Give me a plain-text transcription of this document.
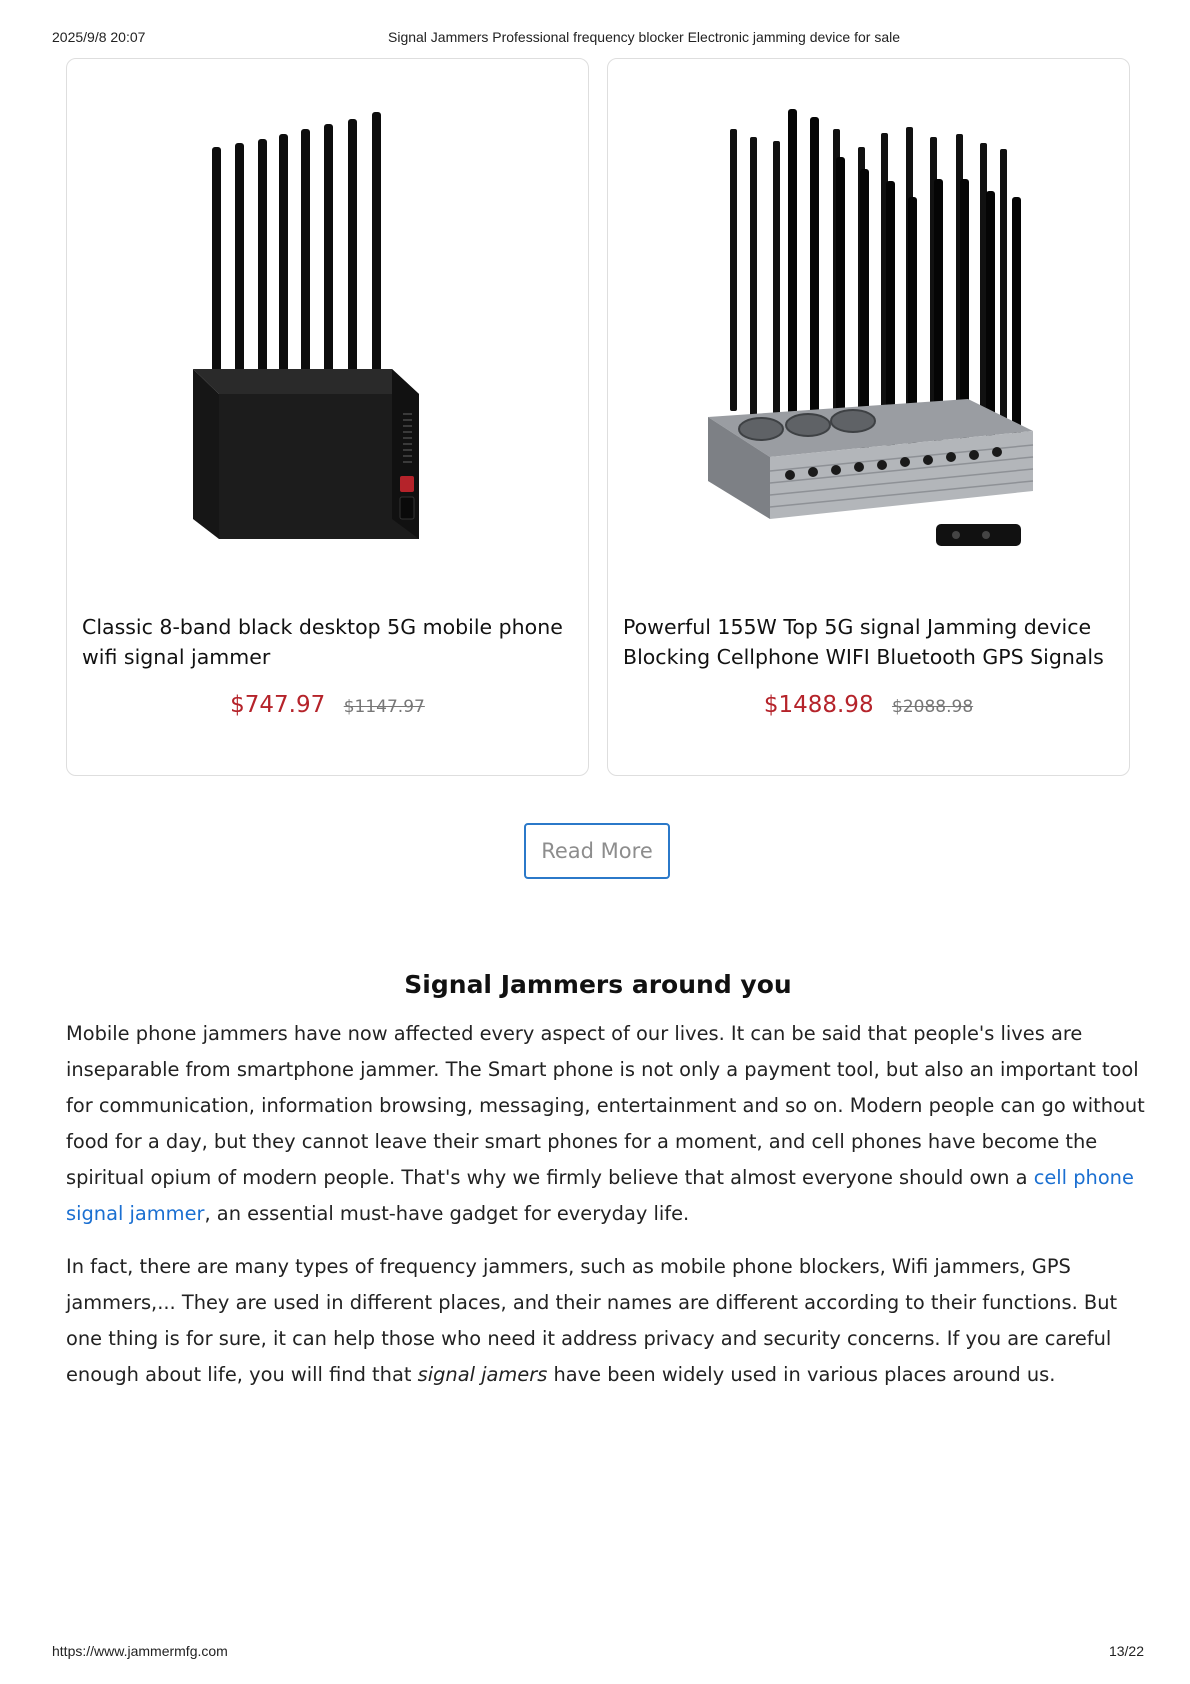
2025/9/8 20:07	Signal Jammers Professional frequency blocker Electronic jamming device for sale
Classic 8-band black desktop 5G mobile phone wifi signal jammer
$747.97 $1147.97
Powerful 155W Top 5G signal Jamming device Blocking Cellphone WIFI Bluetooth GPS Signals
$1488.98 $2088.98
Read More
Signal Jammers around you
Mobile phone jammers have now affected every aspect of our lives. It can be said that people's lives are inseparable from smartphone jammer. The Smart phone is not only a payment tool, but also an important tool for communication, information browsing, messaging, entertainment and so on. Modern people can go without food for a day, but they cannot leave their smart phones for a moment, and cell phones have become the spiritual opium of modern people. That's why we firmly believe that almost everyone should own a cell phone signal jammer, an essential must-have gadget for everyday life.
In fact, there are many types of frequency jammers, such as mobile phone blockers, Wifi jammers, GPS jammers,... They are used in different places, and their names are different according to their functions. But one thing is for sure, it can help those who need it address privacy and security concerns. If you are careful enough about life, you will find that signal jamers have been widely used in various places around us.
https://www.jammermfg.com	13/22
